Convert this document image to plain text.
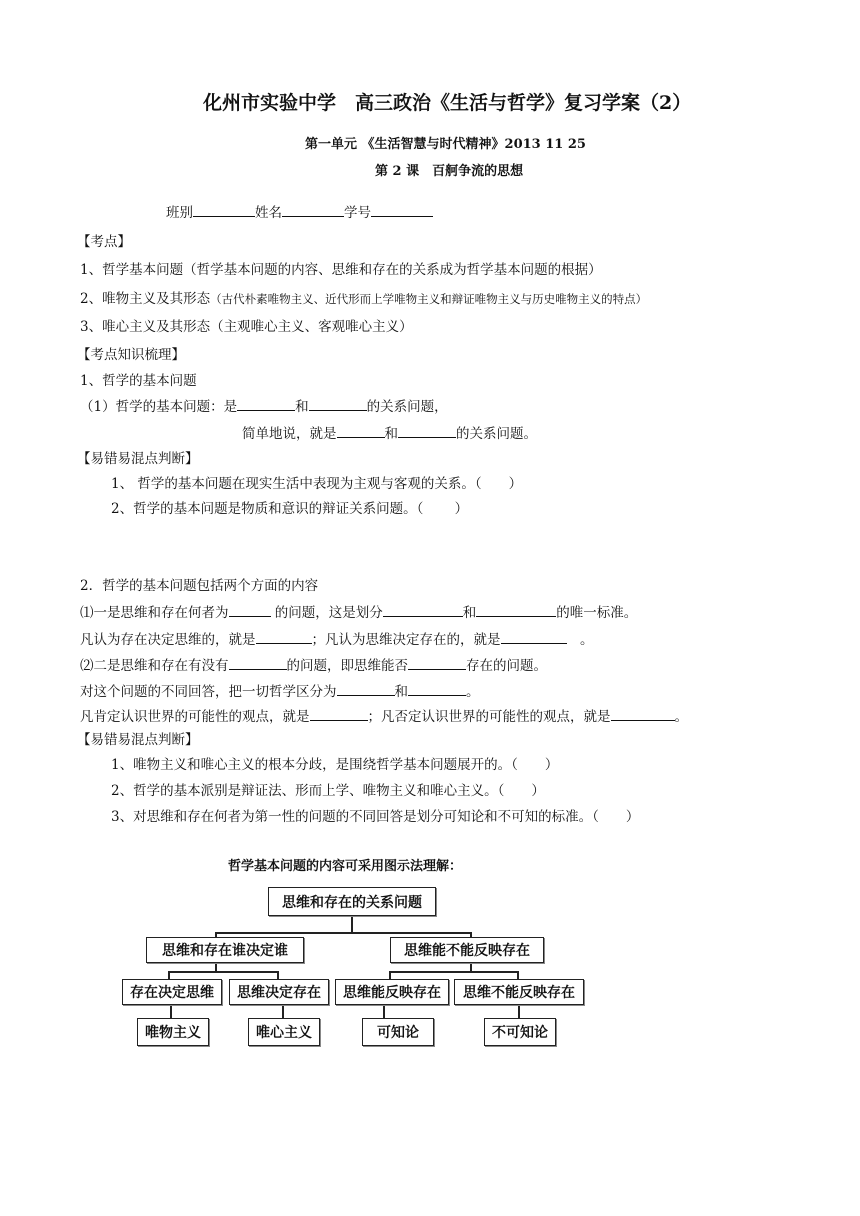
化州市实验中学　高三政治《生活与哲学》复习学案（2）
第一单元 《生活智慧与时代精神》2013 11 25
第 2 课　百舸争流的思想
班别	姓名	学号
【考点】
1、哲学基本问题（哲学基本问题的内容、思维和存在的关系成为哲学基本问题的根据）
2、唯物主义及其形态（古代朴素唯物主义、近代形而上学唯物主义和辩证唯物主义与历史唯物主义的特点）
3、唯心主义及其形态（主观唯心主义、客观唯心主义）
【考点知识梳理】
1、哲学的基本问题
（1）哲学的基本问题：是	和	的关系问题，
简单地说，就是	和	的关系问题。
【易错易混点判断】
1、 哲学的基本问题在现实生活中表现为主观与客观的关系。（　　）
2、哲学的基本问题是物质和意识的辩证关系问题。（　　 ）
2．哲学的基本问题包括两个方面的内容
⑴一是思维和存在何者为	的问题，这是划分	和	的唯一标准。
凡认为存在决定思维的，就是	；凡认为思维决定存在的，就是	　。
⑵二是思维和存在有没有	的问题，即思维能否	存在的问题。
对这个问题的不同回答，把一切哲学区分为	和	。
凡肯定认识世界的可能性的观点，就是	；凡否定认识世界的可能性的观点，就是	。
【易错易混点判断】
1、唯物主义和唯心主义的根本分歧，是围绕哲学基本问题展开的。（　　）
2、哲学的基本派别是辩证法、形而上学、唯物主义和唯心主义。（　　）
3、对思维和存在何者为第一性的问题的不同回答是划分可知论和不可知的标准。（　　）
哲学基本问题的内容可采用图示法理解：
思维和存在的关系问题
思维和存在谁决定谁	思维能不能反映存在
存在决定思维	思维决定存在	思维能反映存在	思维不能反映存在
唯物主义	唯心主义	可知论	不可知论
